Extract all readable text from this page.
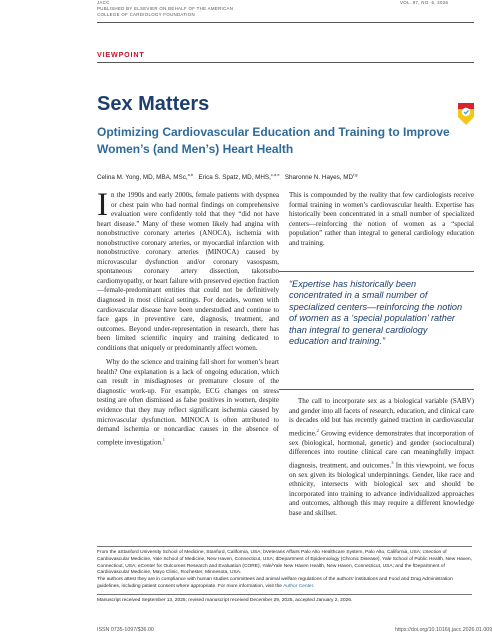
JACC
PUBLISHED BY ELSEVIER ON BEHALF OF THE AMERICAN
COLLEGE OF CARDIOLOGY FOUNDATION
VOL. 87, NO. 6, 2026
VIEWPOINT
Sex Matters
Optimizing Cardiovascular Education and Training to Improve Women’s (and Men’s) Heart Health
Celina M. Yong, MD, MBA, MSc,$^{a,b}$ Erica S. Spatz, MD, MHS,$^{c,d,e}$ Sharonne N. Hayes, MD$^{f,g}$

In the 1990s and early 2000s, female patients with dyspnea or chest pain who had normal findings on comprehensive evaluation were confidently told that they “did not have heart disease.” Many of these women likely had angina with nonobstructive coronary arteries (ANOCA), ischemia with nonobstructive coronary arteries, or myocardial infarction with nonobstructive coronary arteries (MINOCA) caused by microvascular dysfunction and/or coronary vasospasm, spontaneous coronary artery dissection, takotsubo cardiomyopathy, or heart failure with preserved ejection fraction—female-predominant entities that could not be definitively diagnosed in most clinical settings. For decades, women with cardiovascular disease have been understudied and continue to face gaps in preventive care, diagnosis, treatment, and outcomes. Beyond under-representation in research, there has been limited scientific inquiry and training dedicated to conditions that uniquely or predominantly affect women.

Why do the science and training fall short for women’s heart health? One explanation is a lack of ongoing education, which can result in misdiagnoses or premature closure of the diagnostic work-up. For example, ECG changes on stress testing are often dismissed as false positives in women, despite evidence that they may reflect significant ischemia caused by microvascular dysfunction. MINOCA is often attributed to demand ischemia or noncardiac causes in the absence of complete investigation.$^1$

This is compounded by the reality that few cardiologists receive formal training in women’s cardiovascular health. Expertise has historically been concentrated in a small number of specialized centers—reinforcing the notion of women as a “special population” rather than integral to general cardiology education and training.

“Expertise has historically been concentrated in a small number of specialized centers—reinforcing the notion of women as a ‘special population’ rather than integral to general cardiology education and training.”

The call to incorporate sex as a biological variable (SABV) and gender into all facets of research, education, and clinical care is decades old but has recently gained traction in cardiovascular medicine.$^2$ Growing evidence demonstrates that incorporation of sex (biological, hormonal, genetic) and gender (sociocultural) differences into routine clinical care can meaningfully impact diagnosis, treatment, and outcomes.$^3$ In this viewpoint, we focus on sex given its biological underpinnings. Gender, like race and ethnicity, intersects with biological sex and should be incorporated into training to advance individualized approaches and outcomes, although this may require a different knowledge base and skillset.

From the aStanford University School of Medicine, Stanford, California, USA; bVeterans Affairs Palo Alto Healthcare System, Palo Alto, California, USA; cSection of Cardiovascular Medicine, Yale School of Medicine, New Haven, Connecticut, USA; dDepartment of Epidemiology (Chronic Disease), Yale School of Public Health, New Haven, Connecticut, USA; eCenter for Outcomes Research and Evaluation (CORE), Yale/Yale New Haven Health, New Haven, Connecticut, USA; and the fDepartment of Cardiovascular Medicine, Mayo Clinic, Rochester, Minnesota, USA.

The authors attest they are in compliance with human studies committees and animal welfare regulations of the authors’ institutions and Food and Drug Administration guidelines, including patient consent where appropriate. For more information, visit the Author Center.

Manuscript received September 13, 2025; revised manuscript received December 29, 2025, accepted January 2, 2026.

ISSN 0735-1097/$36.00	https://doi.org/10.1016/j.jacc.2026.01.009
